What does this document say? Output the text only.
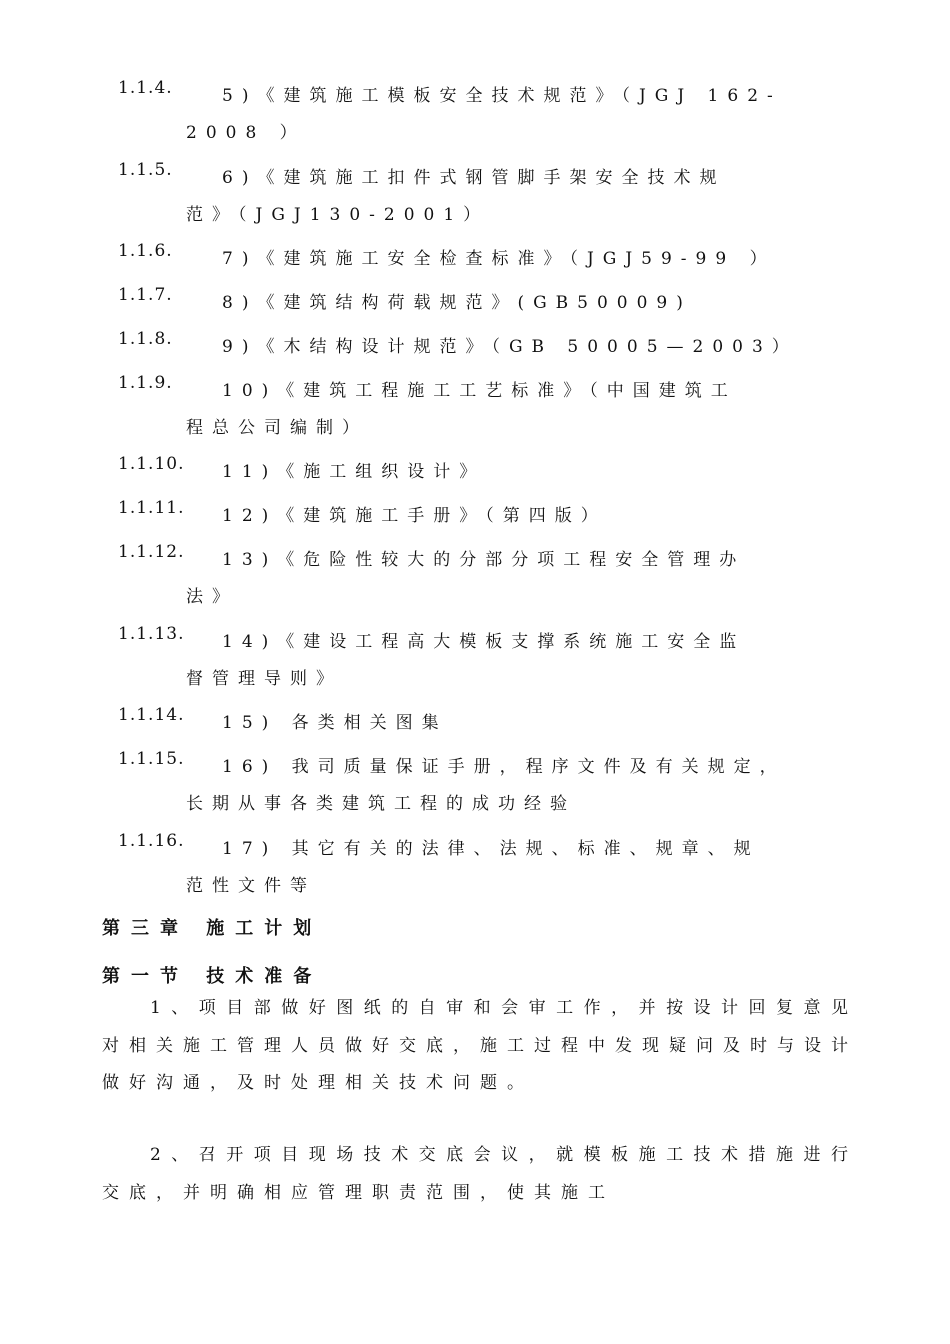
1.1.4.	5)《建筑施工模板安全技术规范》（JGJ 162-
2008 ）
1.1.5.	6)《建筑施工扣件式钢管脚手架安全技术规
范》（JGJ130-2001）
1.1.6.	7)《建筑施工安全检查标准》（JGJ59-99 ）
1.1.7.	8)《建筑结构荷载规范》(GB50009)
1.1.8.	9)《木结构设计规范》（GB 50005—2003）
1.1.9.	10)《建筑工程施工工艺标准》（中国建筑工
程总公司编制）
1.1.10.	11)《施工组织设计》
1.1.11.	12)《建筑施工手册》（第四版）
1.1.12.	13)《危险性较大的分部分项工程安全管理办
法》
1.1.13.	14)《建设工程高大模板支撑系统施工安全监
督管理导则》
1.1.14.	15) 各类相关图集
1.1.15.	16) 我司质量保证手册，程序文件及有关规定，
长期从事各类建筑工程的成功经验
1.1.16.	17) 其它有关的法律、法规、标准、规章、规
范性文件等
第三章 施工计划
第一节 技术准备
1、项目部做好图纸的自审和会审工作，并按设计回复意见对相关施工管理人员做好交底，施工过程中发现疑问及时与设计做好沟通，及时处理相关技术问题。
2、召开项目现场技术交底会议，就模板施工技术措施进行交底，并明确相应管理职责范围，使其施工
